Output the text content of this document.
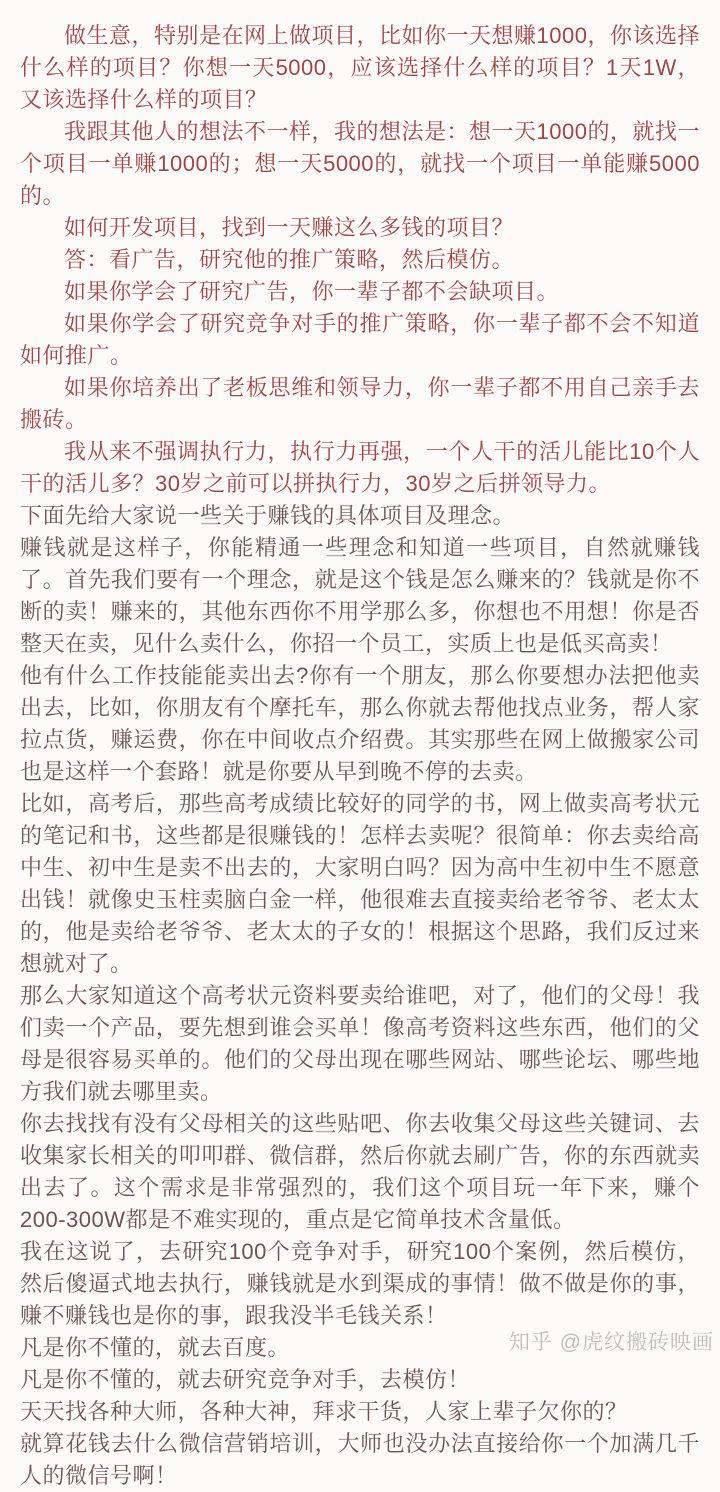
做生意，特别是在网上做项目，比如你一天想赚1000，你该选择什么样的项目？你想一天5000，应该选择什么样的项目？1天1W，又该选择什么样的项目？

我跟其他人的想法不一样，我的想法是：想一天1000的，就找一个项目一单赚1000的；想一天5000的，就找一个项目一单能赚5000的。

如何开发项目，找到一天赚这么多钱的项目？

答：看广告，研究他的推广策略，然后模仿。

如果你学会了研究广告，你一辈子都不会缺项目。

如果你学会了研究竞争对手的推广策略，你一辈子都不会不知道如何推广。

如果你培养出了老板思维和领导力，你一辈子都不用自己亲手去搬砖。

我从来不强调执行力，执行力再强，一个人干的活儿能比10个人干的活儿多？30岁之前可以拼执行力，30岁之后拼领导力。

下面先给大家说一些关于赚钱的具体项目及理念。

赚钱就是这样子，你能精通一些理念和知道一些项目，自然就赚钱了。首先我们要有一个理念，就是这个钱是怎么赚来的？钱就是你不断的卖！赚来的，其他东西你不用学那么多，你想也不用想！你是否整天在卖，见什么卖什么，你招一个员工，实质上也是低买高卖！

他有什么工作技能能卖出去?你有一个朋友，那么你要想办法把他卖出去，比如，你朋友有个摩托车，那么你就去帮他找点业务，帮人家拉点货，赚运费，你在中间收点介绍费。其实那些在网上做搬家公司也是这样一个套路！就是你要从早到晚不停的去卖。

比如，高考后，那些高考成绩比较好的同学的书，网上做卖高考状元的笔记和书，这些都是很赚钱的！怎样去卖呢？很简单：你去卖给高中生、初中生是卖不出去的，大家明白吗？因为高中生初中生不愿意出钱！就像史玉柱卖脑白金一样，他很难去直接卖给老爷爷、老太太的，他是卖给老爷爷、老太太的子女的！根据这个思路，我们反过来想就对了。

那么大家知道这个高考状元资料要卖给谁吧，对了，他们的父母！我们卖一个产品，要先想到谁会买单！像高考资料这些东西，他们的父母是很容易买单的。他们的父母出现在哪些网站、哪些论坛、哪些地方我们就去哪里卖。

你去找找有没有父母相关的这些贴吧、你去收集父母这些关键词、去收集家长相关的叩叩群、微信群，然后你就去刷广告，你的东西就卖出去了。这个需求是非常强烈的，我们这个项目玩一年下来，赚个200-300W都是不难实现的，重点是它简单技术含量低。

我在这说了，去研究100个竞争对手，研究100个案例，然后模仿，然后傻逼式地去执行，赚钱就是水到渠成的事情！做不做是你的事，赚不赚钱也是你的事，跟我没半毛钱关系！

凡是你不懂的，就去百度。

凡是你不懂的，就去研究竞争对手，去模仿！

天天找各种大师，各种大神，拜求干货，人家上辈子欠你的？

就算花钱去什么微信营销培训，大师也没办法直接给你一个加满几千人的微信号啊！

知乎 @虎纹搬砖映画
